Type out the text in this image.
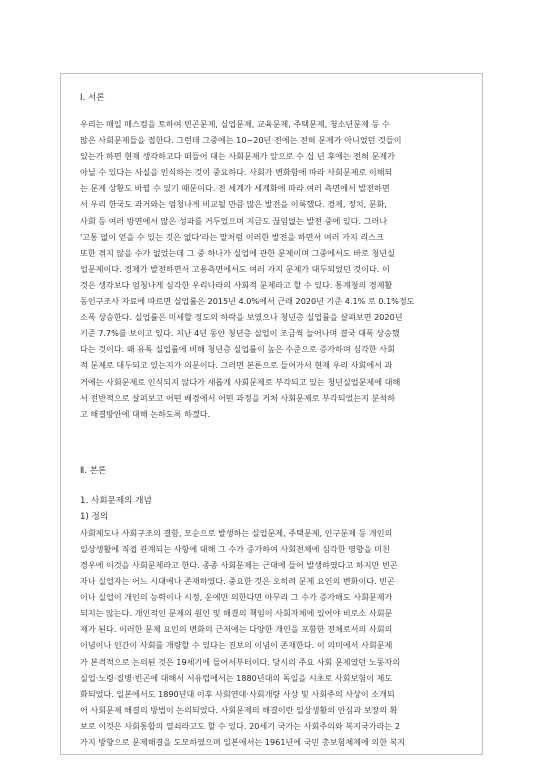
Ⅰ. 서론
우리는 매일 매스컴을 토하여 빈곤문제, 실업문제, 교육문제, 주택문제, 청소년문제 등 수
많은 사회문제들을 접한다. 그런데 그중에는 10~20년 전에는 전혀 문제가 아니었던 것들이
있는가 하면 현재 생각하고다 떠들어 대는 사회문제가 앞으로 수 십 년 후에는 전혀 문제가
아닐 수 있다는 사실을 인식하는 것이 중요하다. 사회가 변화함에 따라 사회문제로 이해되
는 문제 상황도 바뀔 수 있기 때문이다. 전 세계가 세계화에 따라 여러 측면에서 발전하면
서 우리 한국도 과거와는 엄청나게 비교될 만큼 많은 발전을 이룩했다. 경제, 정치, 문화,
사회 등 여러 방면에서 많은 성과를 거두었으며 지금도 끊임없는 발전 중에 있다. 그러나
'고통 없이 얻을 수 있는 것은 없다'라는 말처럼 이러한 발전을 하면서 여러 가지 리스크
또한 겪지 않을 수가 없었는데 그 중 하나가 실업에 관한 문제이며 그중에서도 바로 청년실
업문제이다. 경제가 발전하면서 고용측면에서도 여러 가지 문제가 대두되었던 것이다. 이
것은 생각보다 엄청나게 심각한 우리나라의 사회적 문제라고 할 수 있다. 통계청의 경제활
동인구조사 자료에 따르면 실업률은 2015년 4.0%에서 근래 2020년 기준 4.1% 로 0.1%정도
소폭 상승한다. 실업률은 미세할 정도의 하락을 보였으나 청년층 실업률을 살펴보면 2020년
기준 7.7%를 보이고 있다. 지난 4년 동안 청년층 실업이 조금씩 늘어나며 결국 대폭 상승했
다는 것이다. 왜 유독 실업률에 비해 청년층 실업률이 높은 수준으로 증가하며 심각한 사회
적 문제로 대두되고 있는지가 의문이다. 그러면 본론으로 들어가서 현재 우리 사회에서 과
거에는 사회문제로 인식되지 않다가 새롭게 사회문제로 부각되고 있는 청년실업문제에 대해
서 전반적으로 살펴보고 어떤 배경에서 어떤 과정을 거쳐 사회문제로 부각되었는지 분석하
고 해결방안에 대해 논하도록 하겠다.
Ⅱ. 본론
1. 사회문제의 개념
1) 정의
사회제도나 사회구조의 결함, 모순으로 발생하는 실업문제, 주택문제, 인구문제 등 개인의
일상생활에 직접 관계되는 사항에 대해 그 수가 증가하여 사회전체에 심각한 영향을 미친
경우에 이것을 사회문제라고 한다. 종종 사회문제는 근대에 들어 발생하였다고 하지만 빈곤
자나 실업자는 어느 시대에나 존재하였다. 중요한 것은 오히려 문제 요인의 변화이다. 빈곤
이나 실업이 개인의 능력이나 시정, 운에만 의한다면 아무리 그 수가 증가해도 사회문제가
되지는 않는다. 개인적인 문제의 원인 및 해결의 책임이 사회자체에 있어야 비로소 사회문
제가 된다. 이러한 문제 요인의 변화의 근저에는 다양한 개인을 포함한 전체로서의 사회의
이념이나 인간이 사회를 개량할 수 있다는 진보의 이념이 존재한다. 이 의미에서 사회문제
가 본격적으로 논의된 것은 19세기에 들어서부터이다. 당시의 주요 사회 문제였던 노동자의
실업·노령·질병·빈곤에 대해서 서유럽에서는 1880년대의 독일을 시초로 사회보험이 제도
화되었다. 일본에서도 1890년대 이후 사회연대·사회개량 사상 및 사회주의 사상이 소개되
어 사회문제 해결의 방법이 논의되었다. 사회문제의 해결이란 일상생활의 안심과 보장의 확
보로 이것은 사회통합의 열쇠라고도 할 수 있다. 20세기 국가는 사회주의와 복지국가라는 2
가지 방향으로 문제해결을 도모하였으며 일본에서는 1961년에 국민 총보험체제에 의한 복지
